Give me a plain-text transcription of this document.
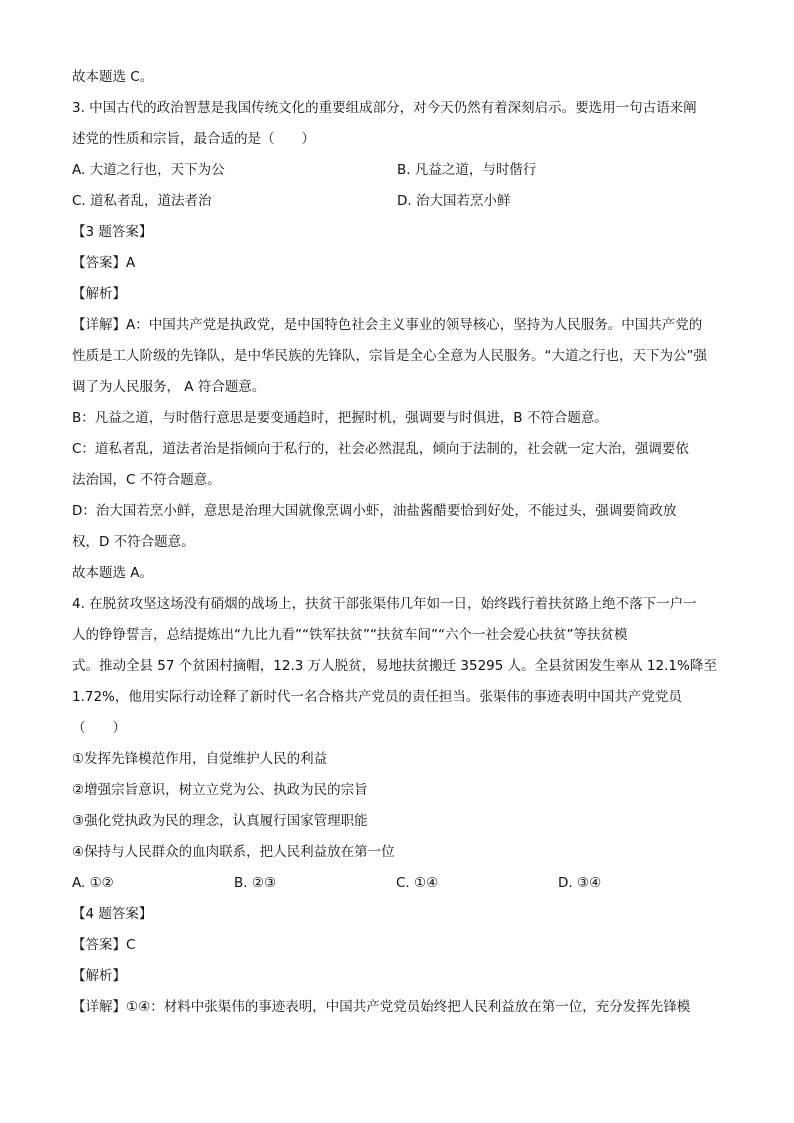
故本题选 C。
3. 中国古代的政治智慧是我国传统文化的重要组成部分，对今天仍然有着深刻启示。要选用一句古语来阐
述党的性质和宗旨，最合适的是（　　）
A. 大道之行也，天下为公	B. 凡益之道，与时偕行
C. 道私者乱，道法者治	D. 治大国若烹小鲜
【3 题答案】
【答案】A
【解析】
【详解】A：中国共产党是执政党，是中国特色社会主义事业的领导核心，坚持为人民服务。中国共产党的
性质是工人阶级的先锋队，是中华民族的先锋队，宗旨是全心全意为人民服务。“大道之行也，天下为公”强
调了为人民服务， A 符合题意。
B：凡益之道，与时偕行意思是要变通趋时，把握时机，强调要与时俱进，B 不符合题意。
C：道私者乱，道法者治是指倾向于私行的，社会必然混乱，倾向于法制的，社会就一定大治，强调要依
法治国，C 不符合题意。
D：治大国若烹小鲜，意思是治理大国就像烹调小虾，油盐酱醋要恰到好处，不能过头，强调要简政放
权，D 不符合题意。
故本题选 A。
4. 在脱贫攻坚这场没有硝烟的战场上，扶贫干部张渠伟几年如一日，始终践行着扶贫路上绝不落下一户一
人的铮铮誓言，总结提炼出“九比九看”“铁军扶贫”“扶贫车间”“六个一社会爱心扶贫”等扶贫模
式。推动全县 57 个贫困村摘帽，12.3 万人脱贫，易地扶贫搬迁 35295 人。全县贫困发生率从 12.1%降至
1.72%，他用实际行动诠释了新时代一名合格共产党员的责任担当。张渠伟的事迹表明中国共产党党员
（　　）
①发挥先锋模范作用，自觉维护人民的利益
②增强宗旨意识，树立立党为公、执政为民的宗旨
③强化党执政为民的理念，认真履行国家管理职能
④保持与人民群众的血肉联系，把人民利益放在第一位
A. ①②	B. ②③	C. ①④	D. ③④
【4 题答案】
【答案】C
【解析】
【详解】①④：材料中张渠伟的事迹表明，中国共产党党员始终把人民利益放在第一位，充分发挥先锋模
